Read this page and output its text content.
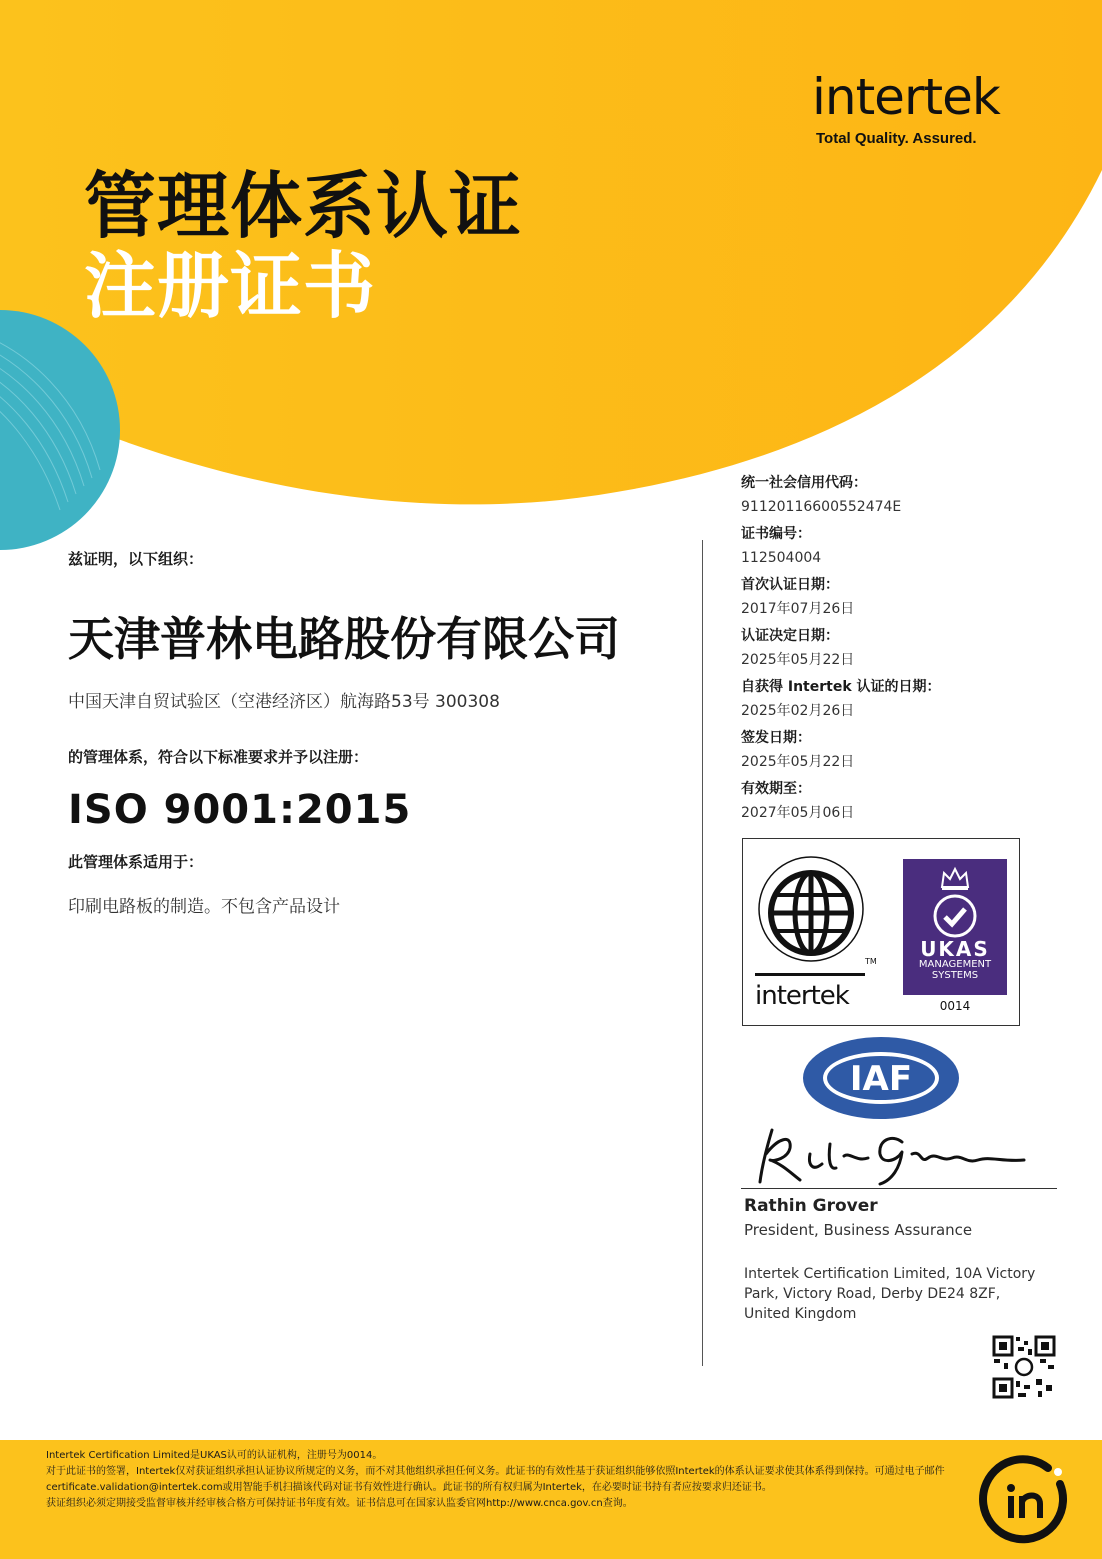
intertek
Total Quality. Assured.
管理体系认证
注册证书
兹证明，以下组织：
天津普林电路股份有限公司
中国天津自贸试验区（空港经济区）航海路53号 300308
的管理体系，符合以下标准要求并予以注册：
ISO 9001:2015
此管理体系适用于：
印刷电路板的制造。不包含产品设计
统一社会信用代码：
91120116600552474E
证书编号：
112504004
首次认证日期：
2017年07月26日
认证决定日期：
2025年05月22日
自获得 Intertek 认证的日期：
2025年02月26日
签发日期：
2025年05月22日
有效期至：
2027年05月06日
TM
intertek
UKAS
MANAGEMENT
SYSTEMS
0014
IAF
Rathin Grover
President, Business Assurance
Intertek Certification Limited, 10A Victory Park, Victory Road, Derby DE24 8ZF, United Kingdom

Intertek Certification Limited是UKAS认可的认证机构，注册号为0014。

对于此证书的签署，Intertek仅对获证组织承担认证协议所规定的义务，而不对其他组织承担任何义务。此证书的有效性基于获证组织能够依照Intertek的体系认证要求使其体系得到保持。可通过电子邮件certificate.validation@intertek.com或用智能手机扫描该代码对证书有效性进行确认。此证书的所有权归属为Intertek，在必要时证书持有者应按要求归还证书。

获证组织必须定期接受监督审核并经审核合格方可保持证书年度有效。证书信息可在国家认监委官网http://www.cnca.gov.cn查询。
